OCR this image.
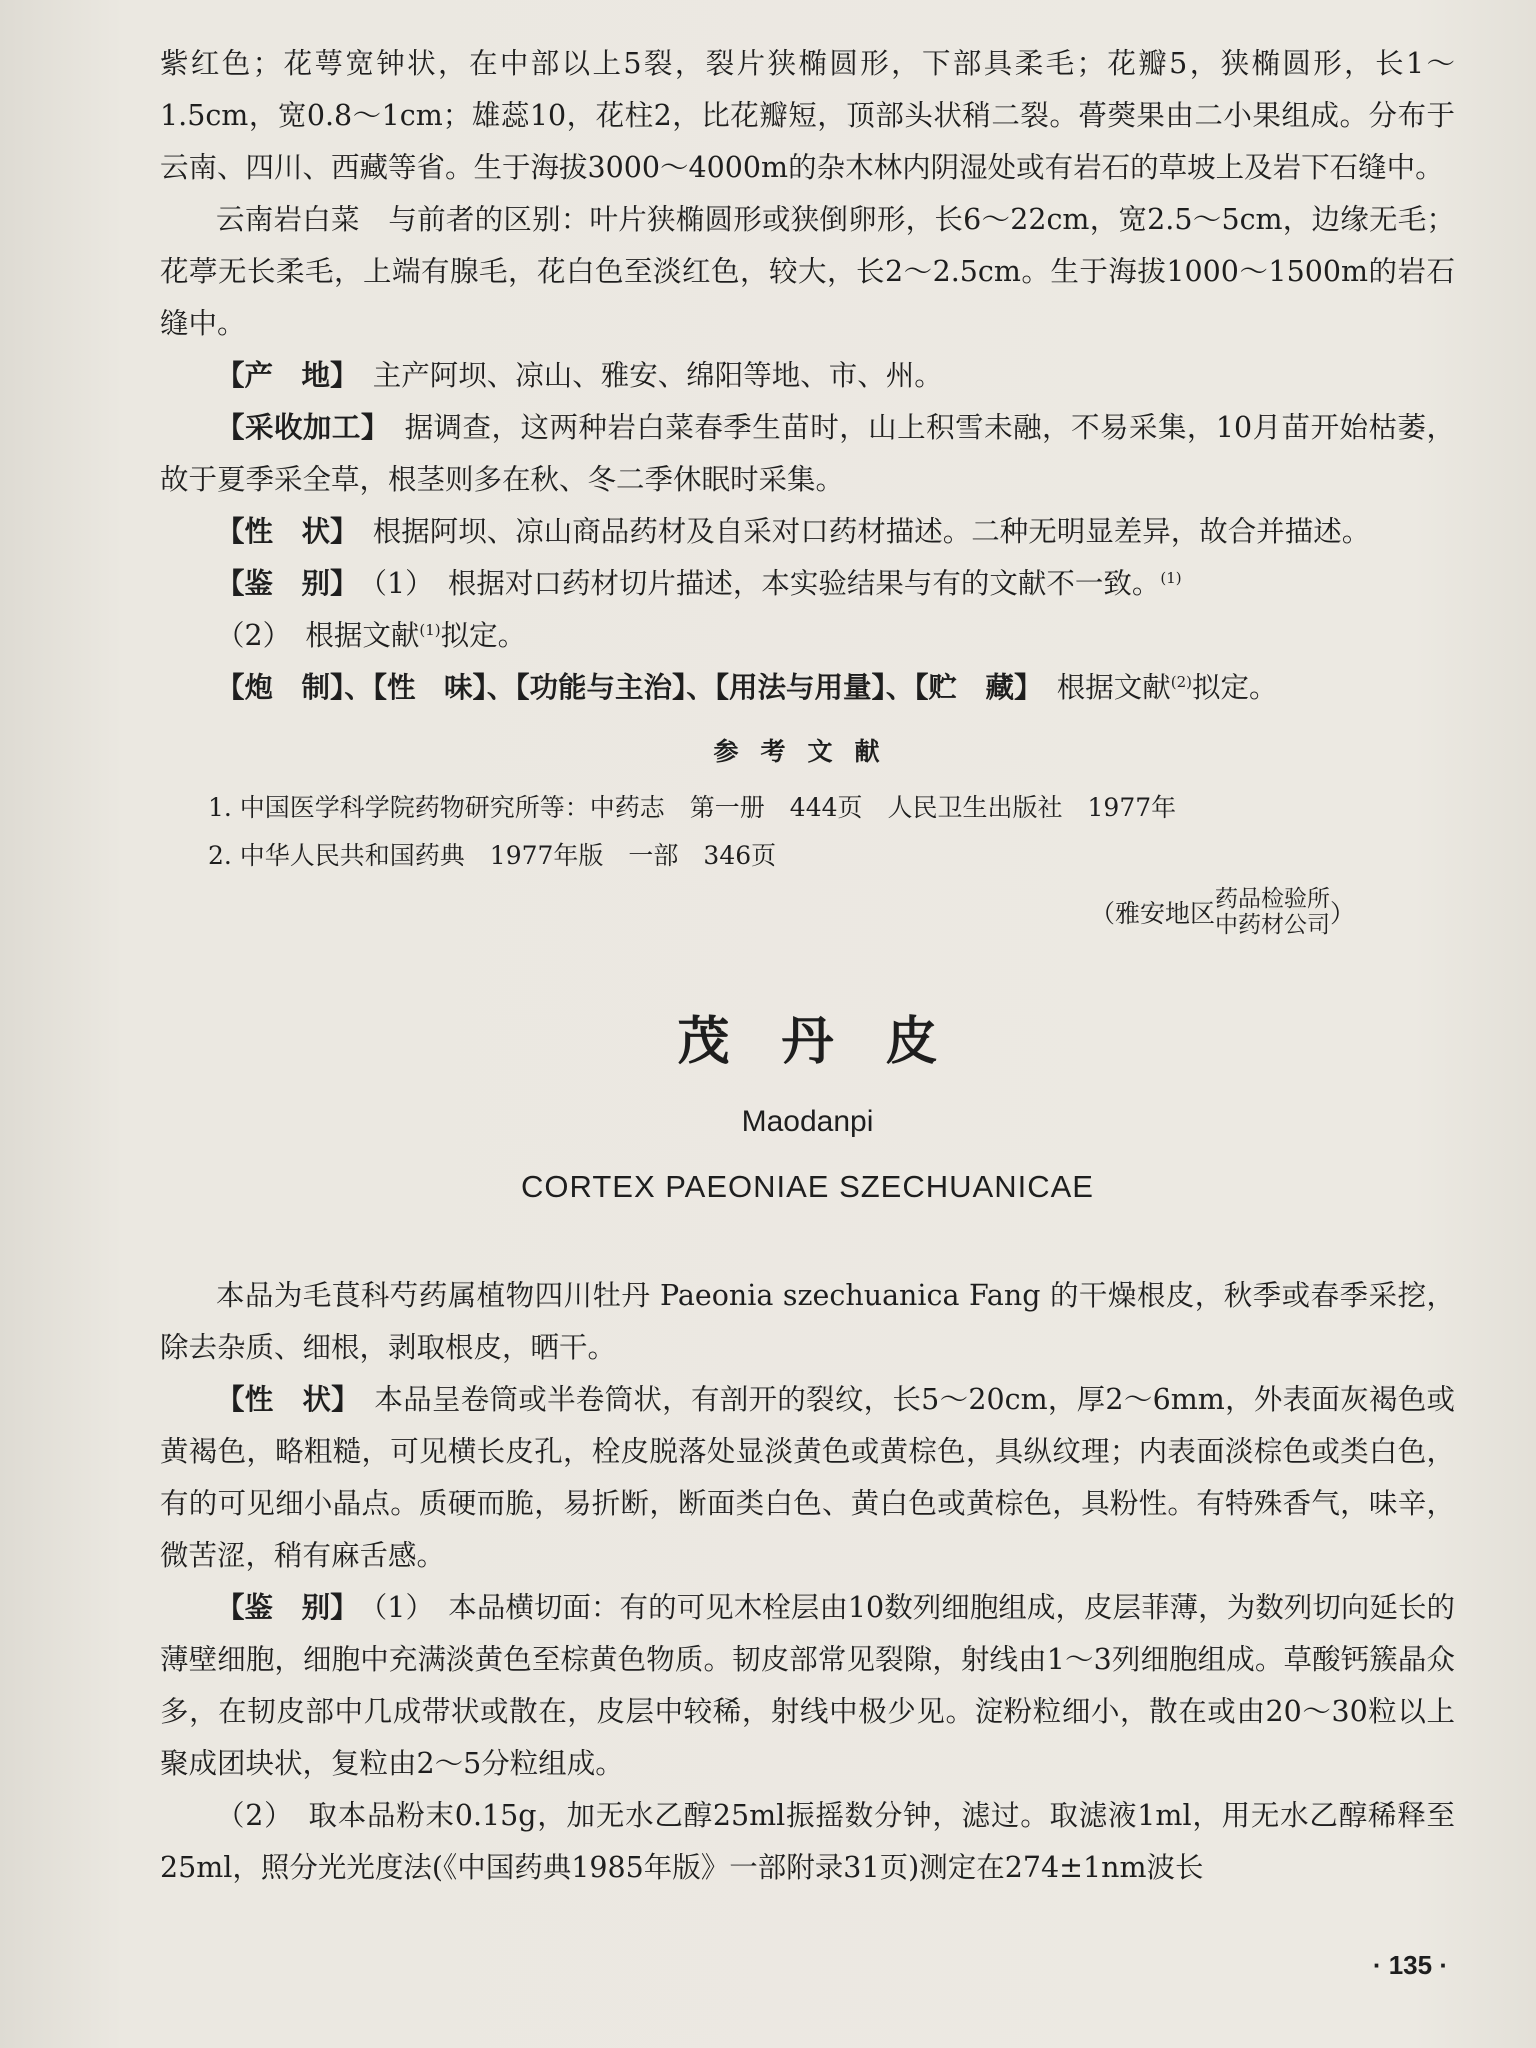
紫红色；花萼宽钟状，在中部以上5裂，裂片狭椭圆形，下部具柔毛；花瓣5，狭椭圆形，长1～1.5cm，宽0.8～1cm；雄蕊10，花柱2，比花瓣短，顶部头状稍二裂。蓇葖果由二小果组成。分布于云南、四川、西藏等省。生于海拔3000～4000m的杂木林内阴湿处或有岩石的草坡上及岩下石缝中。

云南岩白菜　与前者的区别：叶片狭椭圆形或狭倒卵形，长6～22cm，宽2.5～5cm，边缘无毛；花葶无长柔毛，上端有腺毛，花白色至淡红色，较大，长2～2.5cm。生于海拔1000～1500m的岩石缝中。

【产　地】　主产阿坝、凉山、雅安、绵阳等地、市、州。

【采收加工】　据调查，这两种岩白菜春季生苗时，山上积雪未融，不易采集，10月苗开始枯萎，故于夏季采全草，根茎则多在秋、冬二季休眠时采集。

【性　状】　根据阿坝、凉山商品药材及自采对口药材描述。二种无明显差异，故合并描述。

【鉴　别】　（1）　根据对口药材切片描述，本实验结果与有的文献不一致。$^{(1)}$

（2）　根据文献$^{(1)}$拟定。

【炮　制】、【性　味】、【功能与主治】、【用法与用量】、【贮　藏】　根据文献$^{(2)}$拟定。

参考文献
1. 中国医学科学院药物研究所等：中药志　第一册　444页　人民卫生出版社　1977年
2. 中华人民共和国药典　1977年版　一部　346页
（ 雅安地区 药品检验所
中药材公司 ）
茂丹皮
Maodanpi
CORTEX PAEONIAE SZECHUANICAE

本品为毛茛科芍药属植物四川牡丹 Paeonia szechuanica Fang 的干燥根皮，秋季或春季采挖，除去杂质、细根，剥取根皮，晒干。

【性　状】　本品呈卷筒或半卷筒状，有剖开的裂纹，长5～20cm，厚2～6mm，外表面灰褐色或黄褐色，略粗糙，可见横长皮孔，栓皮脱落处显淡黄色或黄棕色，具纵纹理；内表面淡棕色或类白色，有的可见细小晶点。质硬而脆，易折断，断面类白色、黄白色或黄棕色，具粉性。有特殊香气，味辛，微苦涩，稍有麻舌感。

【鉴　别】　（1）　本品横切面：有的可见木栓层由10数列细胞组成，皮层菲薄，为数列切向延长的薄壁细胞，细胞中充满淡黄色至棕黄色物质。韧皮部常见裂隙，射线由1～3列细胞组成。草酸钙簇晶众多，在韧皮部中几成带状或散在，皮层中较稀，射线中极少见。淀粉粒细小，散在或由20～30粒以上聚成团块状，复粒由2～5分粒组成。

（2）　取本品粉末0.15g，加无水乙醇25ml振摇数分钟，滤过。取滤液1ml，用无水乙醇稀释至25ml，照分光光度法(《中国药典1985年版》一部附录31页)测定在274±1nm波长

· 135 ·
